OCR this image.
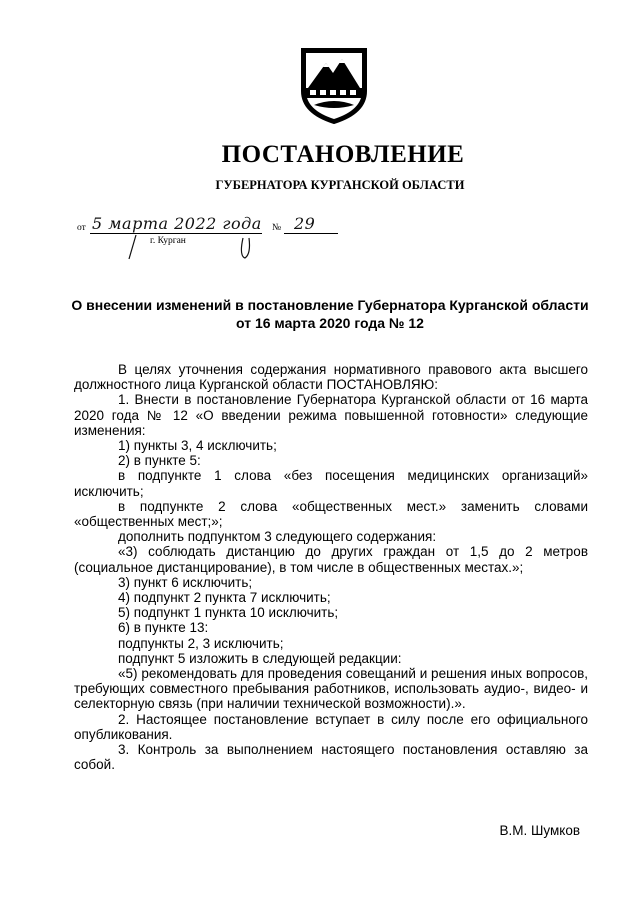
ПОСТАНОВЛЕНИЕ
ГУБЕРНАТОРА КУРГАНСКОЙ ОБЛАСТИ
от 5 марта 2022 года № 29
г. Курган
О внесении изменений в постановление Губернатора Курганской области
от 16 марта 2020 года № 12

В целях уточнения содержания нормативного правового акта высшего должностного лица Курганской области ПОСТАНОВЛЯЮ:

1. Внести в постановление Губернатора Курганской области от 16 марта 2020 года № 12 «О введении режима повышенной готовности» следующие изменения:

1) пункты 3, 4 исключить;

2) в пункте 5:

в подпункте 1 слова «без посещения медицинских организаций» исключить;

в подпункте 2 слова «общественных мест.» заменить словами «общественных мест;»;

дополнить подпунктом 3 следующего содержания:

«3) соблюдать дистанцию до других граждан от 1,5 до 2 метров (социальное дистанцирование), в том числе в общественных местах.»;

3) пункт 6 исключить;

4) подпункт 2 пункта 7 исключить;

5) подпункт 1 пункта 10 исключить;

6) в пункте 13:

подпункты 2, 3 исключить;

подпункт 5 изложить в следующей редакции:

«5) рекомендовать для проведения совещаний и решения иных вопросов, требующих совместного пребывания работников, использовать аудио-, видео- и селекторную связь (при наличии технической возможности).».

2. Настоящее постановление вступает в силу после его официального опубликования.

3. Контроль за выполнением настоящего постановления оставляю за собой.

В.М. Шумков
